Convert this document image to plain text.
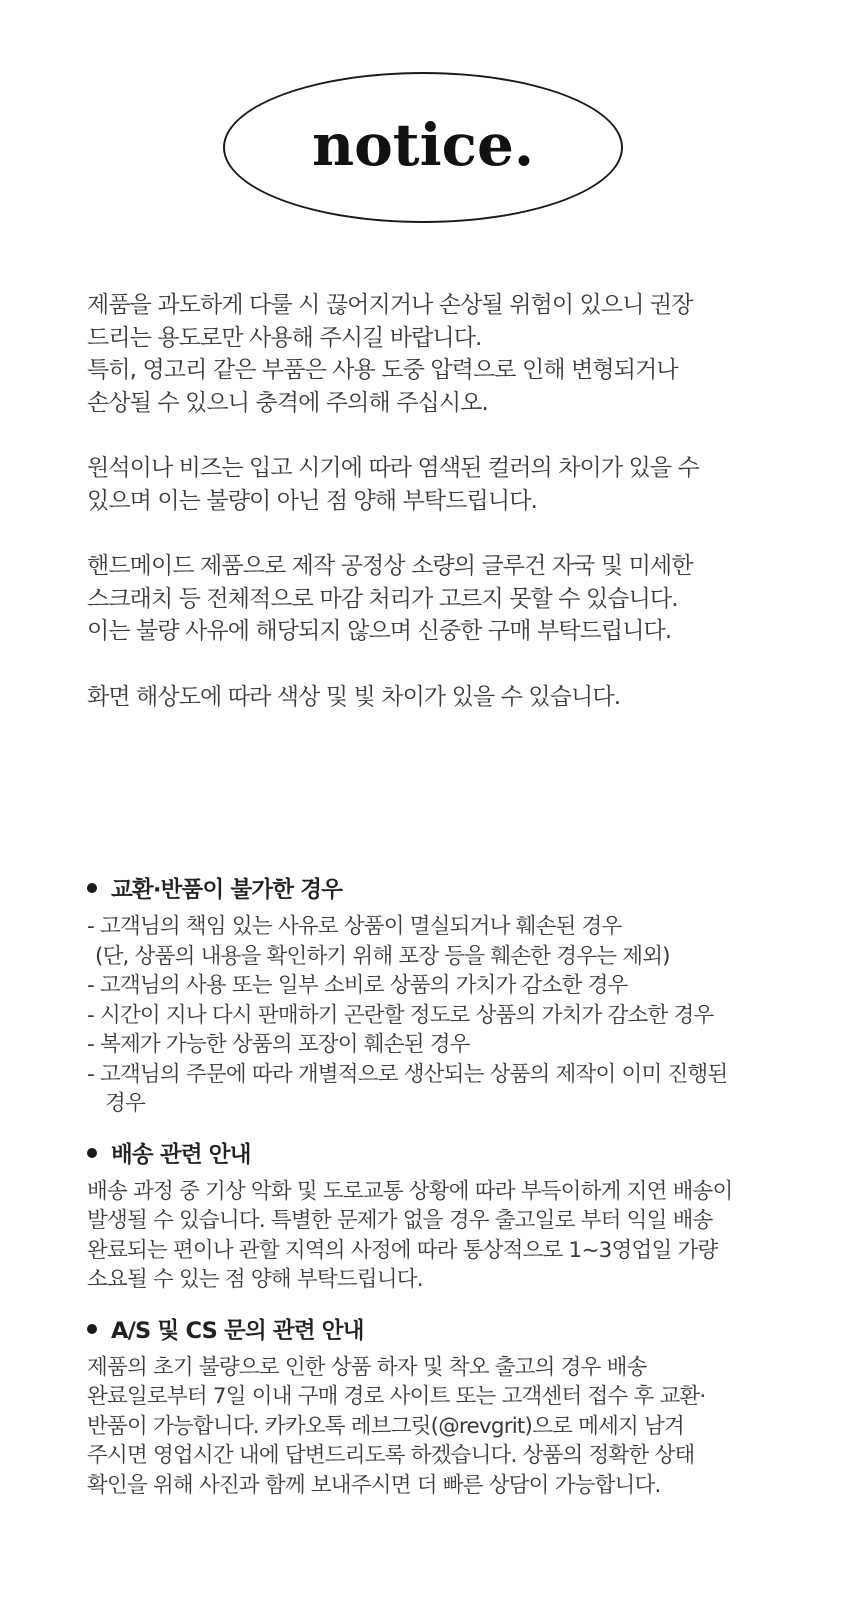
notice.
제품을 과도하게 다룰 시 끊어지거나 손상될 위험이 있으니 권장
드리는 용도로만 사용해 주시길 바랍니다.
특히, 영고리 같은 부품은 사용 도중 압력으로 인해 변형되거나
손상될 수 있으니 충격에 주의해 주십시오.
원석이나 비즈는 입고 시기에 따라 염색된 컬러의 차이가 있을 수
있으며 이는 불량이 아닌 점 양해 부탁드립니다.
핸드메이드 제품으로 제작 공정상 소량의 글루건 자국 및 미세한
스크래치 등 전체적으로 마감 처리가 고르지 못할 수 있습니다.
이는 불량 사유에 해당되지 않으며 신중한 구매 부탁드립니다.
화면 해상도에 따라 색상 및 빛 차이가 있을 수 있습니다.
교환·반품이 불가한 경우
- 고객님의 책임 있는 사유로 상품이 멸실되거나 훼손된 경우
(단, 상품의 내용을 확인하기 위해 포장 등을 훼손한 경우는 제외)
- 고객님의 사용 또는 일부 소비로 상품의 가치가 감소한 경우
- 시간이 지나 다시 판매하기 곤란할 정도로 상품의 가치가 감소한 경우
- 복제가 가능한 상품의 포장이 훼손된 경우
- 고객님의 주문에 따라 개별적으로 생산되는 상품의 제작이 이미 진행된
경우
배송 관련 안내
배송 과정 중 기상 악화 및 도로교통 상황에 따라 부득이하게 지연 배송이
발생될 수 있습니다. 특별한 문제가 없을 경우 출고일로 부터 익일 배송
완료되는 편이나 관할 지역의 사정에 따라 통상적으로 1~3영업일 가량
소요될 수 있는 점 양해 부탁드립니다.
A/S 및 CS 문의 관련 안내
제품의 초기 불량으로 인한 상품 하자 및 착오 출고의 경우 배송
완료일로부터 7일 이내 구매 경로 사이트 또는 고객센터 접수 후 교환·
반품이 가능합니다. 카카오톡 레브그릿(@revgrit)으로 메세지 남겨
주시면 영업시간 내에 답변드리도록 하겠습니다. 상품의 정확한 상태
확인을 위해 사진과 함께 보내주시면 더 빠른 상담이 가능합니다.
